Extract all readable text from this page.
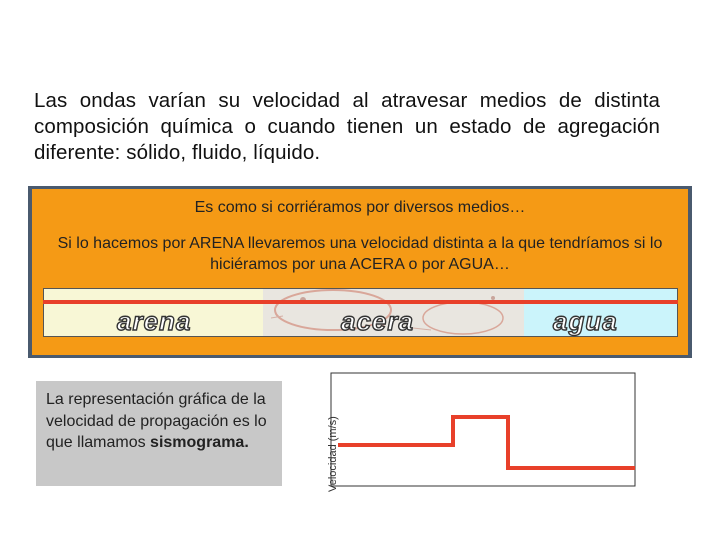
Las ondas varían su velocidad al atravesar medios de distinta composición química o cuando tienen un estado de agregación diferente: sólido, fluido, líquido.
Es como si corriéramos por diversos medios…
Si lo hacemos por ARENA llevaremos una velocidad distinta a la que tendríamos si lo hiciéramos por una ACERA o por AGUA…
arena	acera	agua
La representación gráfica de la velocidad de propagación es lo que llamamos sismograma.	Velocidad (m/s)
